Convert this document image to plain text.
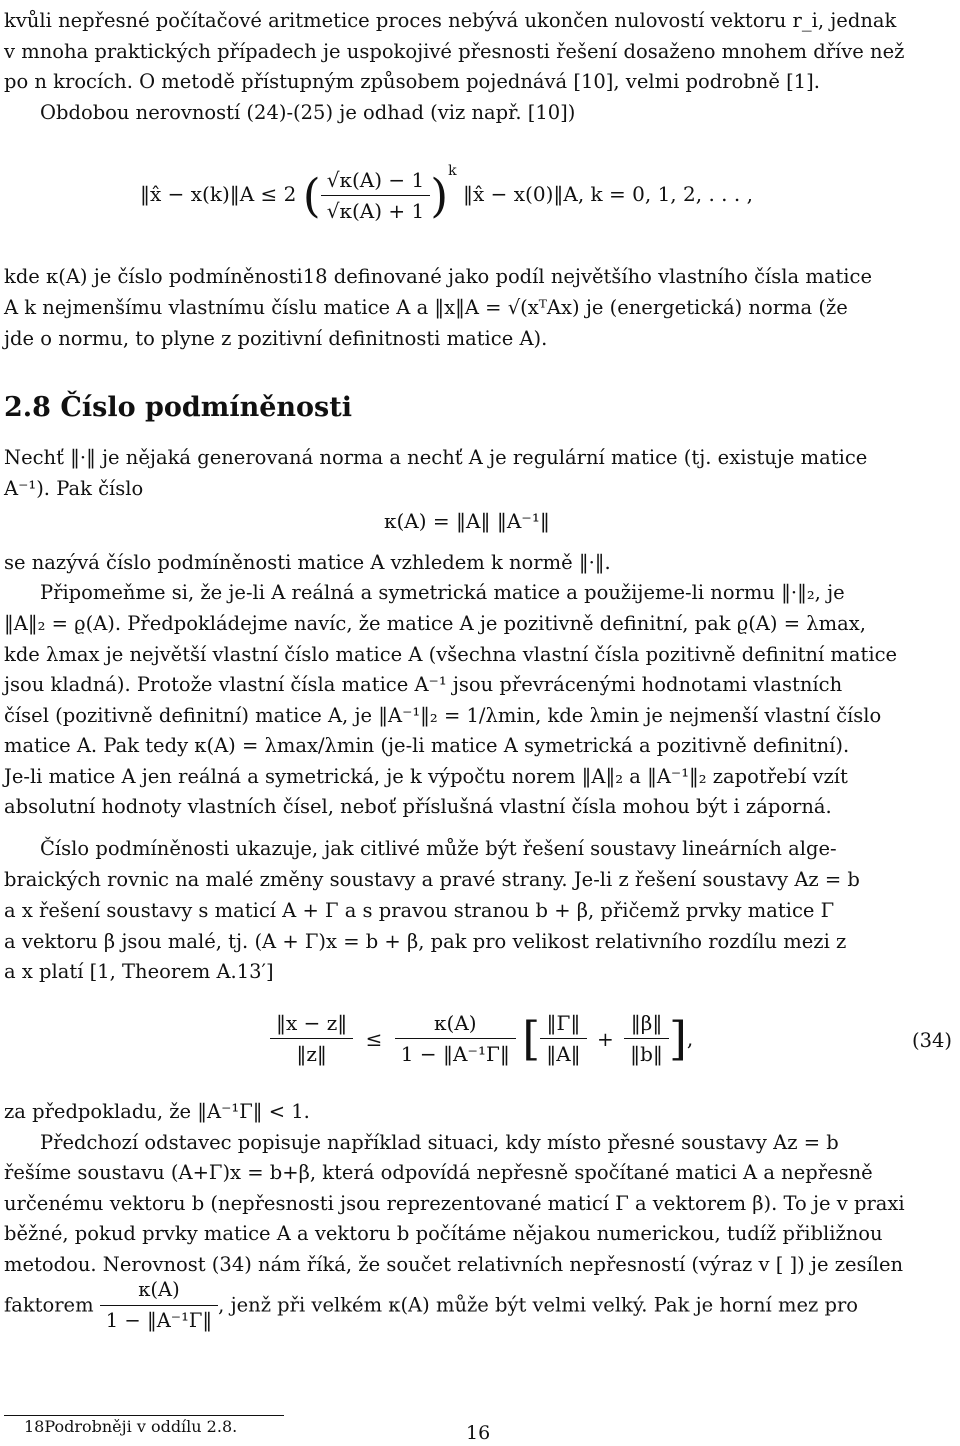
kvůli nepřesné počítačové aritmetice proces nebývá ukončen nulovostí vektoru r_i, jednak
v mnoha praktických případech je uspokojivé přesnosti řešení dosaženo mnohem dříve než
po n krocích. O metodě přístupným způsobem pojednává [10], velmi podrobně [1].
Obdobou nerovností (24)-(25) je odhad (viz např. [10])
‖x̂ − x(k)‖A ≤ 2 ( $\frac{√\kappa(A) - 1}{√\kappa(A) + 1} )^k$ ‖x̂ − x(0)‖A, k = 0, 1, 2, . . . ,
kde κ(A) je číslo podmíněnosti18 definované jako podíl největšího vlastního čísla matice
A k nejmenšímu vlastnímu číslu matice A a ‖x‖A = √(xᵀAx) je (energetická) norma (že
jde o normu, to plyne z pozitivní definitnosti matice A).
2.8 Číslo podmíněnosti
Nechť ‖·‖ je nějaká generovaná norma a nechť A je regulární matice (tj. existuje matice
A⁻¹). Pak číslo
κ(A) = ‖A‖ ‖A⁻¹‖
se nazývá číslo podmíněnosti matice A vzhledem k normě ‖·‖.
Připomeňme si, že je-li A reálná a symetrická matice a použijeme-li normu ‖·‖₂, je
‖A‖₂ = ϱ(A). Předpokládejme navíc, že matice A je pozitivně definitní, pak ϱ(A) = λmax,
kde λmax je největší vlastní číslo matice A (všechna vlastní čísla pozitivně definitní matice
jsou kladná). Protože vlastní čísla matice A⁻¹ jsou převrácenými hodnotami vlastních
čísel (pozitivně definitní) matice A, je ‖A⁻¹‖₂ = 1/λmin, kde λmin je nejmenší vlastní číslo
matice A. Pak tedy κ(A) = λmax/λmin (je-li matice A symetrická a pozitivně definitní).
Je-li matice A jen reálná a symetrická, je k výpočtu norem ‖A‖₂ a ‖A⁻¹‖₂ zapotřebí vzít
absolutní hodnoty vlastních čísel, neboť příslušná vlastní čísla mohou být i záporná.
Číslo podmíněnosti ukazuje, jak citlivé může být řešení soustavy lineárních alge-
braických rovnic na malé změny soustavy a pravé strany. Je-li z řešení soustavy Az = b
a x řešení soustavy s maticí A + Γ a s pravou stranou b + β, přičemž prvky matice Γ
a vektoru β jsou malé, tj. (A + Γ)x = b + β, pak pro velikost relativního rozdílu mezi z
a x platí [1, Theorem A.13′]
$\frac{‖x - z‖}{‖z‖} \le \frac{\kappa(A)}{\text{1 − ‖A⁻¹Γ‖}}$ [ $\frac{‖\Gamma‖}{‖A‖} + \frac{‖\beta‖}{‖b‖}$ ],	(34)
za předpokladu, že ‖A⁻¹Γ‖ < 1.
Předchozí odstavec popisuje například situaci, kdy místo přesné soustavy Az = b
řešíme soustavu (A+Γ)x = b+β, která odpovídá nepřesně spočítané matici A a nepřesně
určenému vektoru b (nepřesnosti jsou reprezentované maticí Γ a vektorem β). To je v praxi
běžné, pokud prvky matice A a vektoru b počítáme nějakou numerickou, tudíž přibližnou
metodou. Nerovnost (34) nám říká, že součet relativních nepřesností (výraz v [ ]) je zesílen
faktorem $\frac{\kappa(A)}{\text{1 − ‖A⁻¹Γ‖}}$ , jenž při velkém κ(A) může být velmi velký. Pak je horní mez pro
18Podrobněji v oddílu 2.8.	16
